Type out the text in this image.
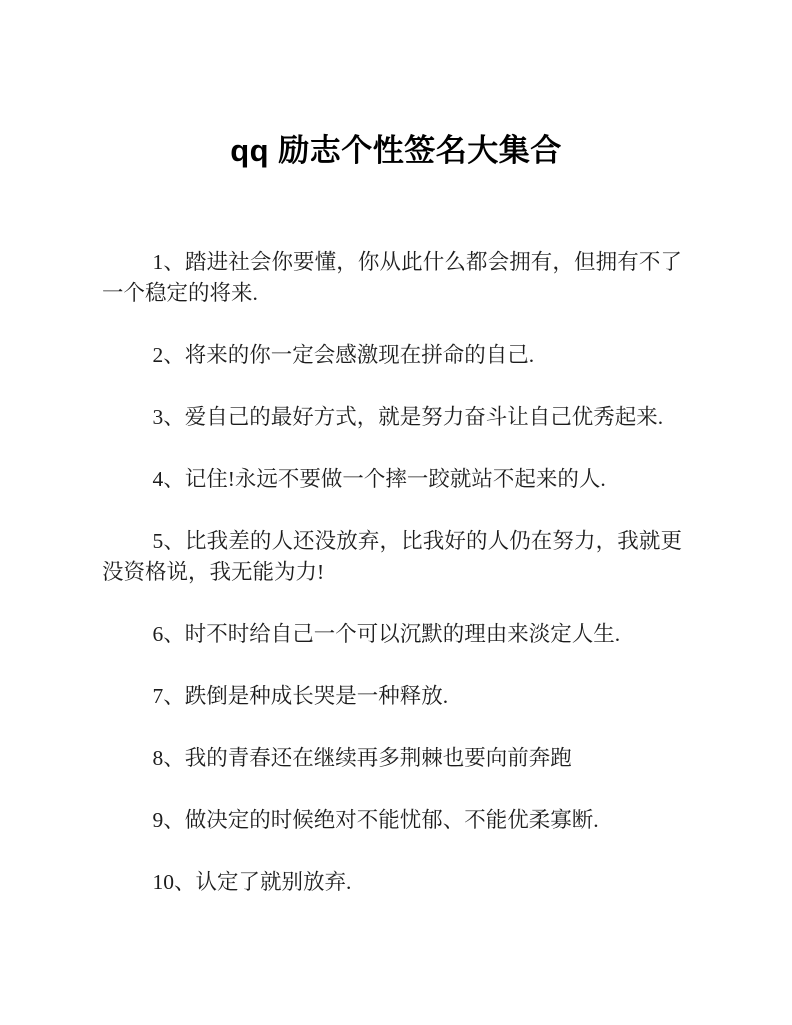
qq 励志个性签名大集合

1、踏进社会你要懂，你从此什么都会拥有，但拥有不了一个稳定的将来.

2、将来的你一定会感激现在拼命的自己.

3、爱自己的最好方式，就是努力奋斗让自己优秀起来.

4、记住!永远不要做一个摔一跤就站不起来的人.

5、比我差的人还没放弃，比我好的人仍在努力，我就更没资格说，我无能为力!

6、时不时给自己一个可以沉默的理由来淡定人生.

7、跌倒是种成长哭是一种释放.

8、我的青春还在继续再多荆棘也要向前奔跑

9、做决定的时候绝对不能忧郁、不能优柔寡断.

10、认定了就别放弃.
